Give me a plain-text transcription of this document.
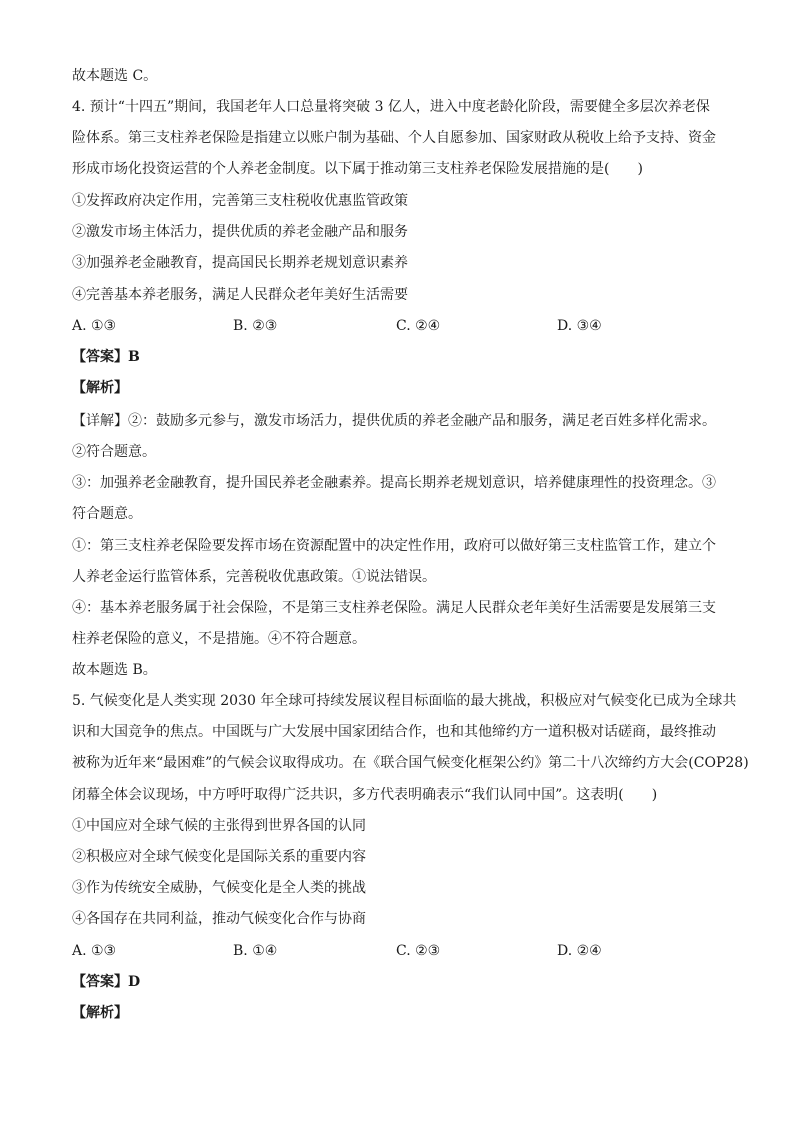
故本题选 C。
4. 预计“十四五”期间，我国老年人口总量将突破 3 亿人，进入中度老龄化阶段，需要健全多层次养老保
险体系。第三支柱养老保险是指建立以账户制为基础、个人自愿参加、国家财政从税收上给予支持、资金
形成市场化投资运营的个人养老金制度。以下属于推动第三支柱养老保险发展措施的是(　　)
①发挥政府决定作用，完善第三支柱税收优惠监管政策
②激发市场主体活力，提供优质的养老金融产品和服务
③加强养老金融教育，提高国民长期养老规划意识素养
④完善基本养老服务，满足人民群众老年美好生活需要
A. ①③	B. ②③	C. ②④	D. ③④
【答案】B
【解析】
【详解】②：鼓励多元参与，激发市场活力，提供优质的养老金融产品和服务，满足老百姓多样化需求。
②符合题意。
③：加强养老金融教育，提升国民养老金融素养。提高长期养老规划意识，培养健康理性的投资理念。③
符合题意。
①：第三支柱养老保险要发挥市场在资源配置中的决定性作用，政府可以做好第三支柱监管工作，建立个
人养老金运行监管体系，完善税收优惠政策。①说法错误。
④：基本养老服务属于社会保险，不是第三支柱养老保险。满足人民群众老年美好生活需要是发展第三支
柱养老保险的意义，不是措施。④不符合题意。
故本题选 B。
5. 气候变化是人类实现 2030 年全球可持续发展议程目标面临的最大挑战，积极应对气候变化已成为全球共
识和大国竞争的焦点。中国既与广大发展中国家团结合作，也和其他缔约方一道积极对话磋商，最终推动
被称为近年来“最困难”的气候会议取得成功。在《联合国气候变化框架公约》第二十八次缔约方大会(COP28)
闭幕全体会议现场，中方呼吁取得广泛共识，多方代表明确表示“我们认同中国”。这表明(　　)
①中国应对全球气候的主张得到世界各国的认同
②积极应对全球气候变化是国际关系的重要内容
③作为传统安全威胁，气候变化是全人类的挑战
④各国存在共同利益，推动气候变化合作与协商
A. ①③	B. ①④	C. ②③	D. ②④
【答案】D
【解析】
